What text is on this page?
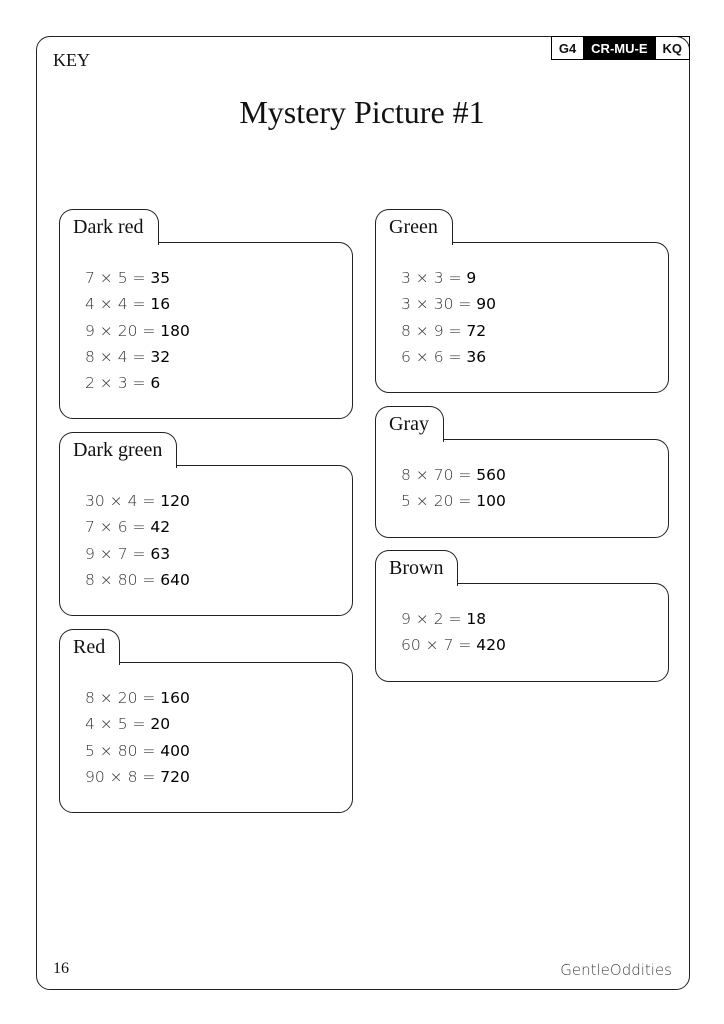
G4	CR-MU-E	KQ
KEY
Mystery Picture #1
Dark red
7 × 5 = 35
4 × 4 = 16
9 × 20 = 180
8 × 4 = 32
2 × 3 = 6
Green
3 × 3 = 9
3 × 30 = 90
8 × 9 = 72
6 × 6 = 36
Dark green
30 × 4 = 120
7 × 6 = 42
9 × 7 = 63
8 × 80 = 640
Gray
8 × 70 = 560
5 × 20 = 100
Brown
9 × 2 = 18
60 × 7 = 420
Red
8 × 20 = 160
4 × 5 = 20
5 × 80 = 400
90 × 8 = 720
16	GentleOddities
